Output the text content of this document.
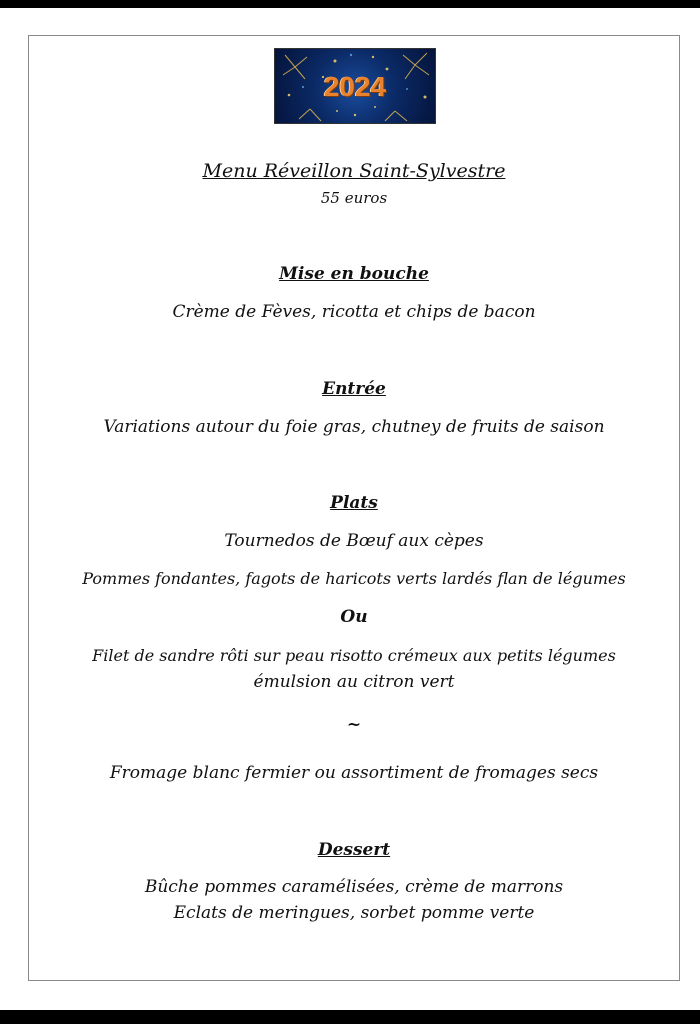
2024
Menu Réveillon Saint-Sylvestre
55 euros
Mise en bouche
Crème de Fèves, ricotta et chips de bacon
Entrée
Variations autour du foie gras, chutney de fruits de saison
Plats
Tournedos de Bœuf aux cèpes
Pommes fondantes, fagots de haricots verts lardés flan de légumes
Ou
Filet de sandre rôti sur peau risotto crémeux aux petits légumes
émulsion au citron vert
~
Fromage blanc fermier ou assortiment de fromages secs
Dessert
Bûche pommes caramélisées, crème de marrons
Eclats de meringues, sorbet pomme verte
